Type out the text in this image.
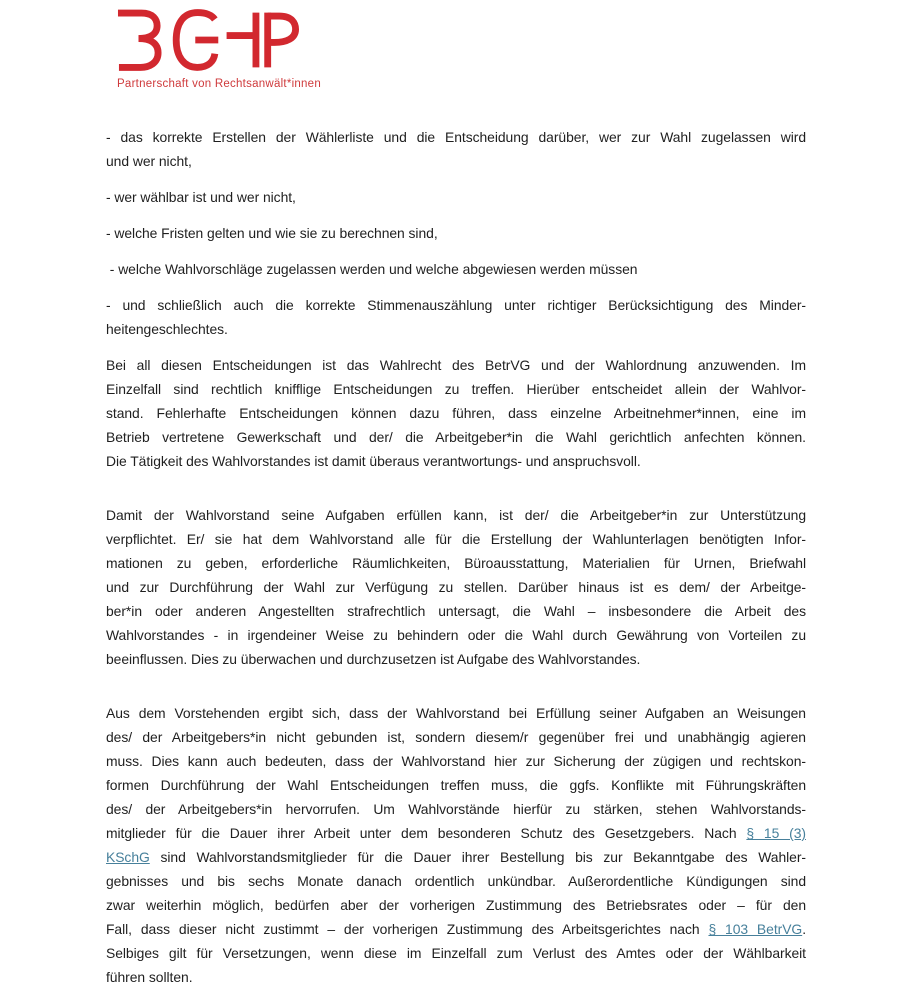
Partnerschaft von Rechtsanwält*innen
- das korrekte Erstellen der Wählerliste und die Entscheidung darüber, wer zur Wahl zugelassen wird
und wer nicht,
- wer wählbar ist und wer nicht,
- welche Fristen gelten und wie sie zu berechnen sind,
- welche Wahlvorschläge zugelassen werden und welche abgewiesen werden müssen
- und schließlich auch die korrekte Stimmenauszählung unter richtiger Berücksichtigung des Minder-
heitengeschlechtes.
Bei all diesen Entscheidungen ist das Wahlrecht des BetrVG und der Wahlordnung anzuwenden. Im
Einzelfall sind rechtlich knifflige Entscheidungen zu treffen. Hierüber entscheidet allein der Wahlvor-
stand. Fehlerhafte Entscheidungen können dazu führen, dass einzelne Arbeitnehmer*innen, eine im
Betrieb vertretene Gewerkschaft und der/ die Arbeitgeber*in die Wahl gerichtlich anfechten können.
Die Tätigkeit des Wahlvorstandes ist damit überaus verantwortungs- und anspruchsvoll.
Damit der Wahlvorstand seine Aufgaben erfüllen kann, ist der/ die Arbeitgeber*in zur Unterstützung
verpflichtet. Er/ sie hat dem Wahlvorstand alle für die Erstellung der Wahlunterlagen benötigten Infor-
mationen zu geben, erforderliche Räumlichkeiten, Büroausstattung, Materialien für Urnen, Briefwahl
und zur Durchführung der Wahl zur Verfügung zu stellen. Darüber hinaus ist es dem/ der Arbeitge-
ber*in oder anderen Angestellten strafrechtlich untersagt, die Wahl – insbesondere die Arbeit des
Wahlvorstandes - in irgendeiner Weise zu behindern oder die Wahl durch Gewährung von Vorteilen zu
beeinflussen. Dies zu überwachen und durchzusetzen ist Aufgabe des Wahlvorstandes.
Aus dem Vorstehenden ergibt sich, dass der Wahlvorstand bei Erfüllung seiner Aufgaben an Weisungen
des/ der Arbeitgebers*in nicht gebunden ist, sondern diesem/r gegenüber frei und unabhängig agieren
muss. Dies kann auch bedeuten, dass der Wahlvorstand hier zur Sicherung der zügigen und rechtskon-
formen Durchführung der Wahl Entscheidungen treffen muss, die ggfs. Konflikte mit Führungskräften
des/ der Arbeitgebers*in hervorrufen. Um Wahlvorstände hierfür zu stärken, stehen Wahlvorstands-
mitglieder für die Dauer ihrer Arbeit unter dem besonderen Schutz des Gesetzgebers. Nach § 15 (3)
KSchG sind Wahlvorstandsmitglieder für die Dauer ihrer Bestellung bis zur Bekanntgabe des Wahler-
gebnisses und bis sechs Monate danach ordentlich unkündbar. Außerordentliche Kündigungen sind
zwar weiterhin möglich, bedürfen aber der vorherigen Zustimmung des Betriebsrates oder – für den
Fall, dass dieser nicht zustimmt – der vorherigen Zustimmung des Arbeitsgerichtes nach § 103 BetrVG.
Selbiges gilt für Versetzungen, wenn diese im Einzelfall zum Verlust des Amtes oder der Wählbarkeit
führen sollten.
